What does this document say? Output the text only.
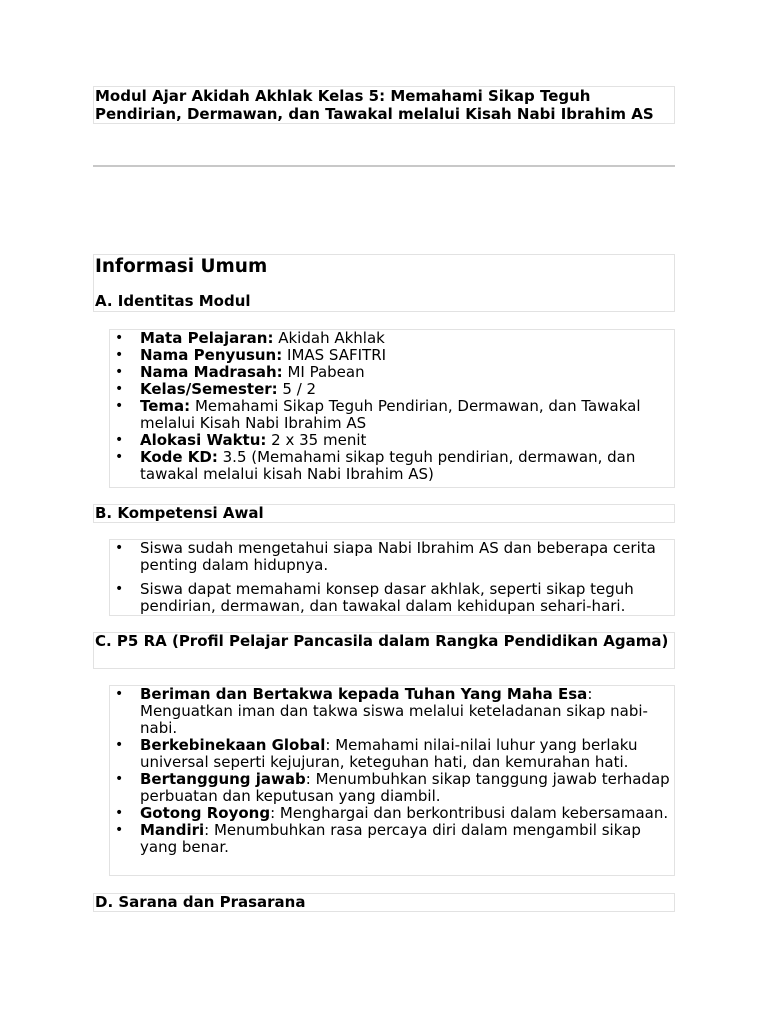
Modul Ajar Akidah Akhlak Kelas 5: Memahami Sikap Teguh Pendirian, Dermawan, dan Tawakal melalui Kisah Nabi Ibrahim AS
Informasi Umum
A. Identitas Modul
• Mata Pelajaran: Akidah Akhlak
• Nama Penyusun: IMAS SAFITRI
• Nama Madrasah: MI Pabean
• Kelas/Semester: 5 / 2
• Tema: Memahami Sikap Teguh Pendirian, Dermawan, dan Tawakal melalui Kisah Nabi Ibrahim AS
• Alokasi Waktu: 2 x 35 menit
• Kode KD: 3.5 (Memahami sikap teguh pendirian, dermawan, dan tawakal melalui kisah Nabi Ibrahim AS)
B. Kompetensi Awal
• Siswa sudah mengetahui siapa Nabi Ibrahim AS dan beberapa cerita penting dalam hidupnya.
• Siswa dapat memahami konsep dasar akhlak, seperti sikap teguh pendirian, dermawan, dan tawakal dalam kehidupan sehari-hari.
C. P5 RA (Profil Pelajar Pancasila dalam Rangka Pendidikan Agama)
• Beriman dan Bertakwa kepada Tuhan Yang Maha Esa: Menguatkan iman dan takwa siswa melalui keteladanan sikap nabi-nabi.
• Berkebinekaan Global: Memahami nilai-nilai luhur yang berlaku universal seperti kejujuran, keteguhan hati, dan kemurahan hati.
• Bertanggung jawab: Menumbuhkan sikap tanggung jawab terhadap perbuatan dan keputusan yang diambil.
• Gotong Royong: Menghargai dan berkontribusi dalam kebersamaan.
• Mandiri: Menumbuhkan rasa percaya diri dalam mengambil sikap yang benar.
D. Sarana dan Prasarana
